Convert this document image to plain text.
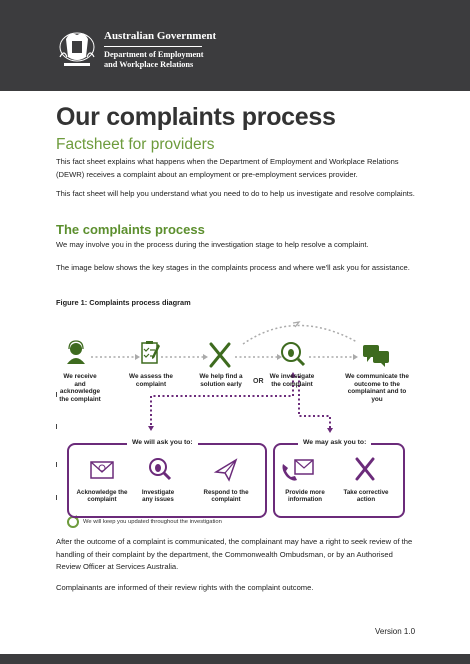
Australian Government
Department of Employment
and Workplace Relations
Our complaints process
Factsheet for providers
This fact sheet explains what happens when the Department of Employment and Workplace Relations (DEWR) receives a complaint about an employment or pre-employment services provider.
This fact sheet will help you understand what you need to do to help us investigate and resolve complaints.
The complaints process
We may involve you in the process during the investigation stage to help resolve a complaint.
The image below shows the key stages in the complaints process and where we'll ask you for assistance.
Figure 1: Complaints process diagram
We receive and acknowledge the complaint
We assess the complaint
We help find a solution early OR
We investigate the complaint
We communicate the outcome to the complainant and to you
We will ask you to:
Acknowledge the complaint
Investigate any issues
Respond to the complaint
We may ask you to:
Provide more information
Take corrective action
We will keep you updated throughout the investigation
After the outcome of a complaint is communicated, the complainant may have a right to seek review of the handling of their complaint by the department, the Commonwealth Ombudsman, or by an Authorised Review Officer at Services Australia.
Complainants are informed of their review rights with the complaint outcome.
Version 1.0
